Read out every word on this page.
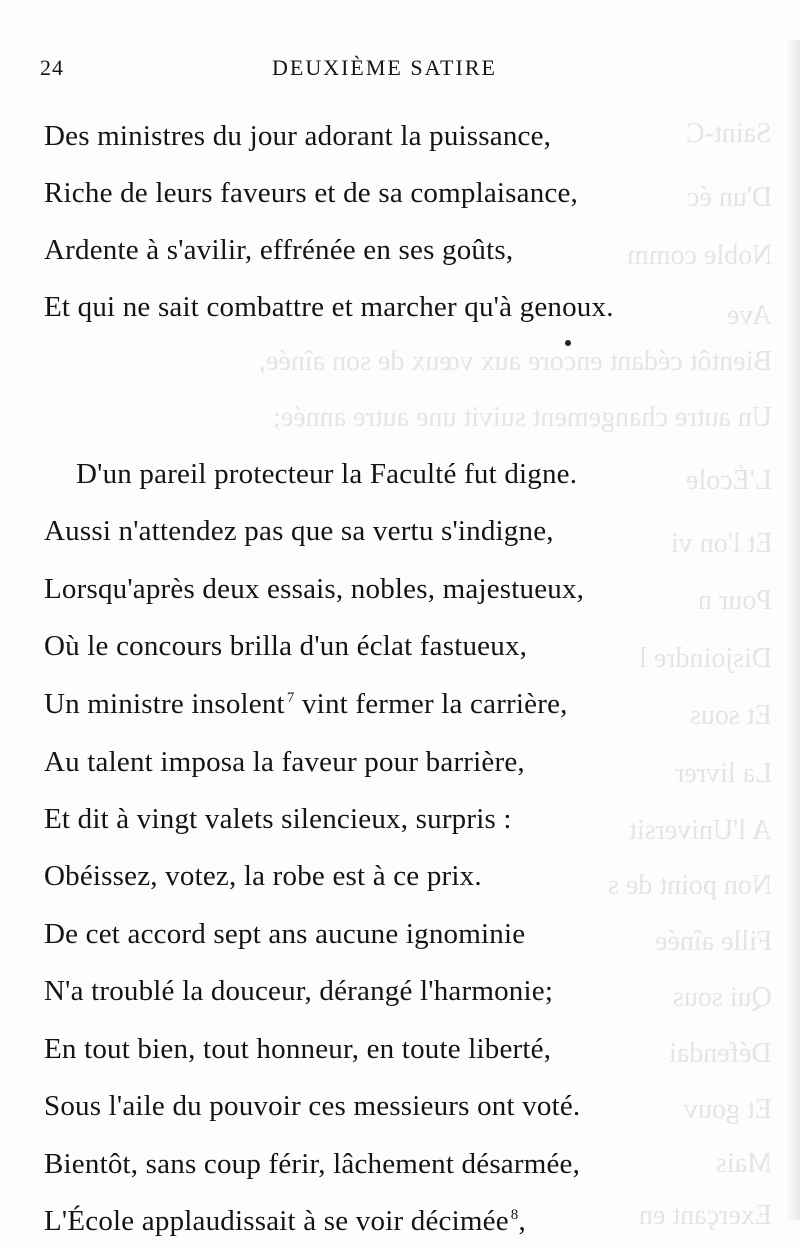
Saint-C
D'un éc
Noble comm
Ave
Bientôt cédant encore aux vœux de son aînée,
Un autre changement suivit une autre année;
L'École
Et l'on vi
Pour n
Disjoindre l
Et sous
La livrer
A l'Universit
Non point de s
Fille aînée
Qui sous
Défendai
Et gouv
Mais
Exerçant en
24	DEUXIÈME SATIRE
Des ministres du jour adorant la puissance,
Riche de leurs faveurs et de sa complaisance,
Ardente à s'avilir, effrénée en ses goûts,
Et qui ne sait combattre et marcher qu'à genoux.
D'un pareil protecteur la Faculté fut digne.
Aussi n'attendez pas que sa vertu s'indigne,
Lorsqu'après deux essais, nobles, majestueux,
Où le concours brilla d'un éclat fastueux,
Un ministre insolent $^7$ vint fermer la carrière,
Au talent imposa la faveur pour barrière,
Et dit à vingt valets silencieux, surpris :
Obéissez, votez, la robe est à ce prix.
De cet accord sept ans aucune ignominie
N'a troublé la douceur, dérangé l'harmonie;
En tout bien, tout honneur, en toute liberté,
Sous l'aile du pouvoir ces messieurs ont voté.
Bientôt, sans coup férir, lâchement désarmée,
L'École applaudissait à se voir décimée $^8$,
